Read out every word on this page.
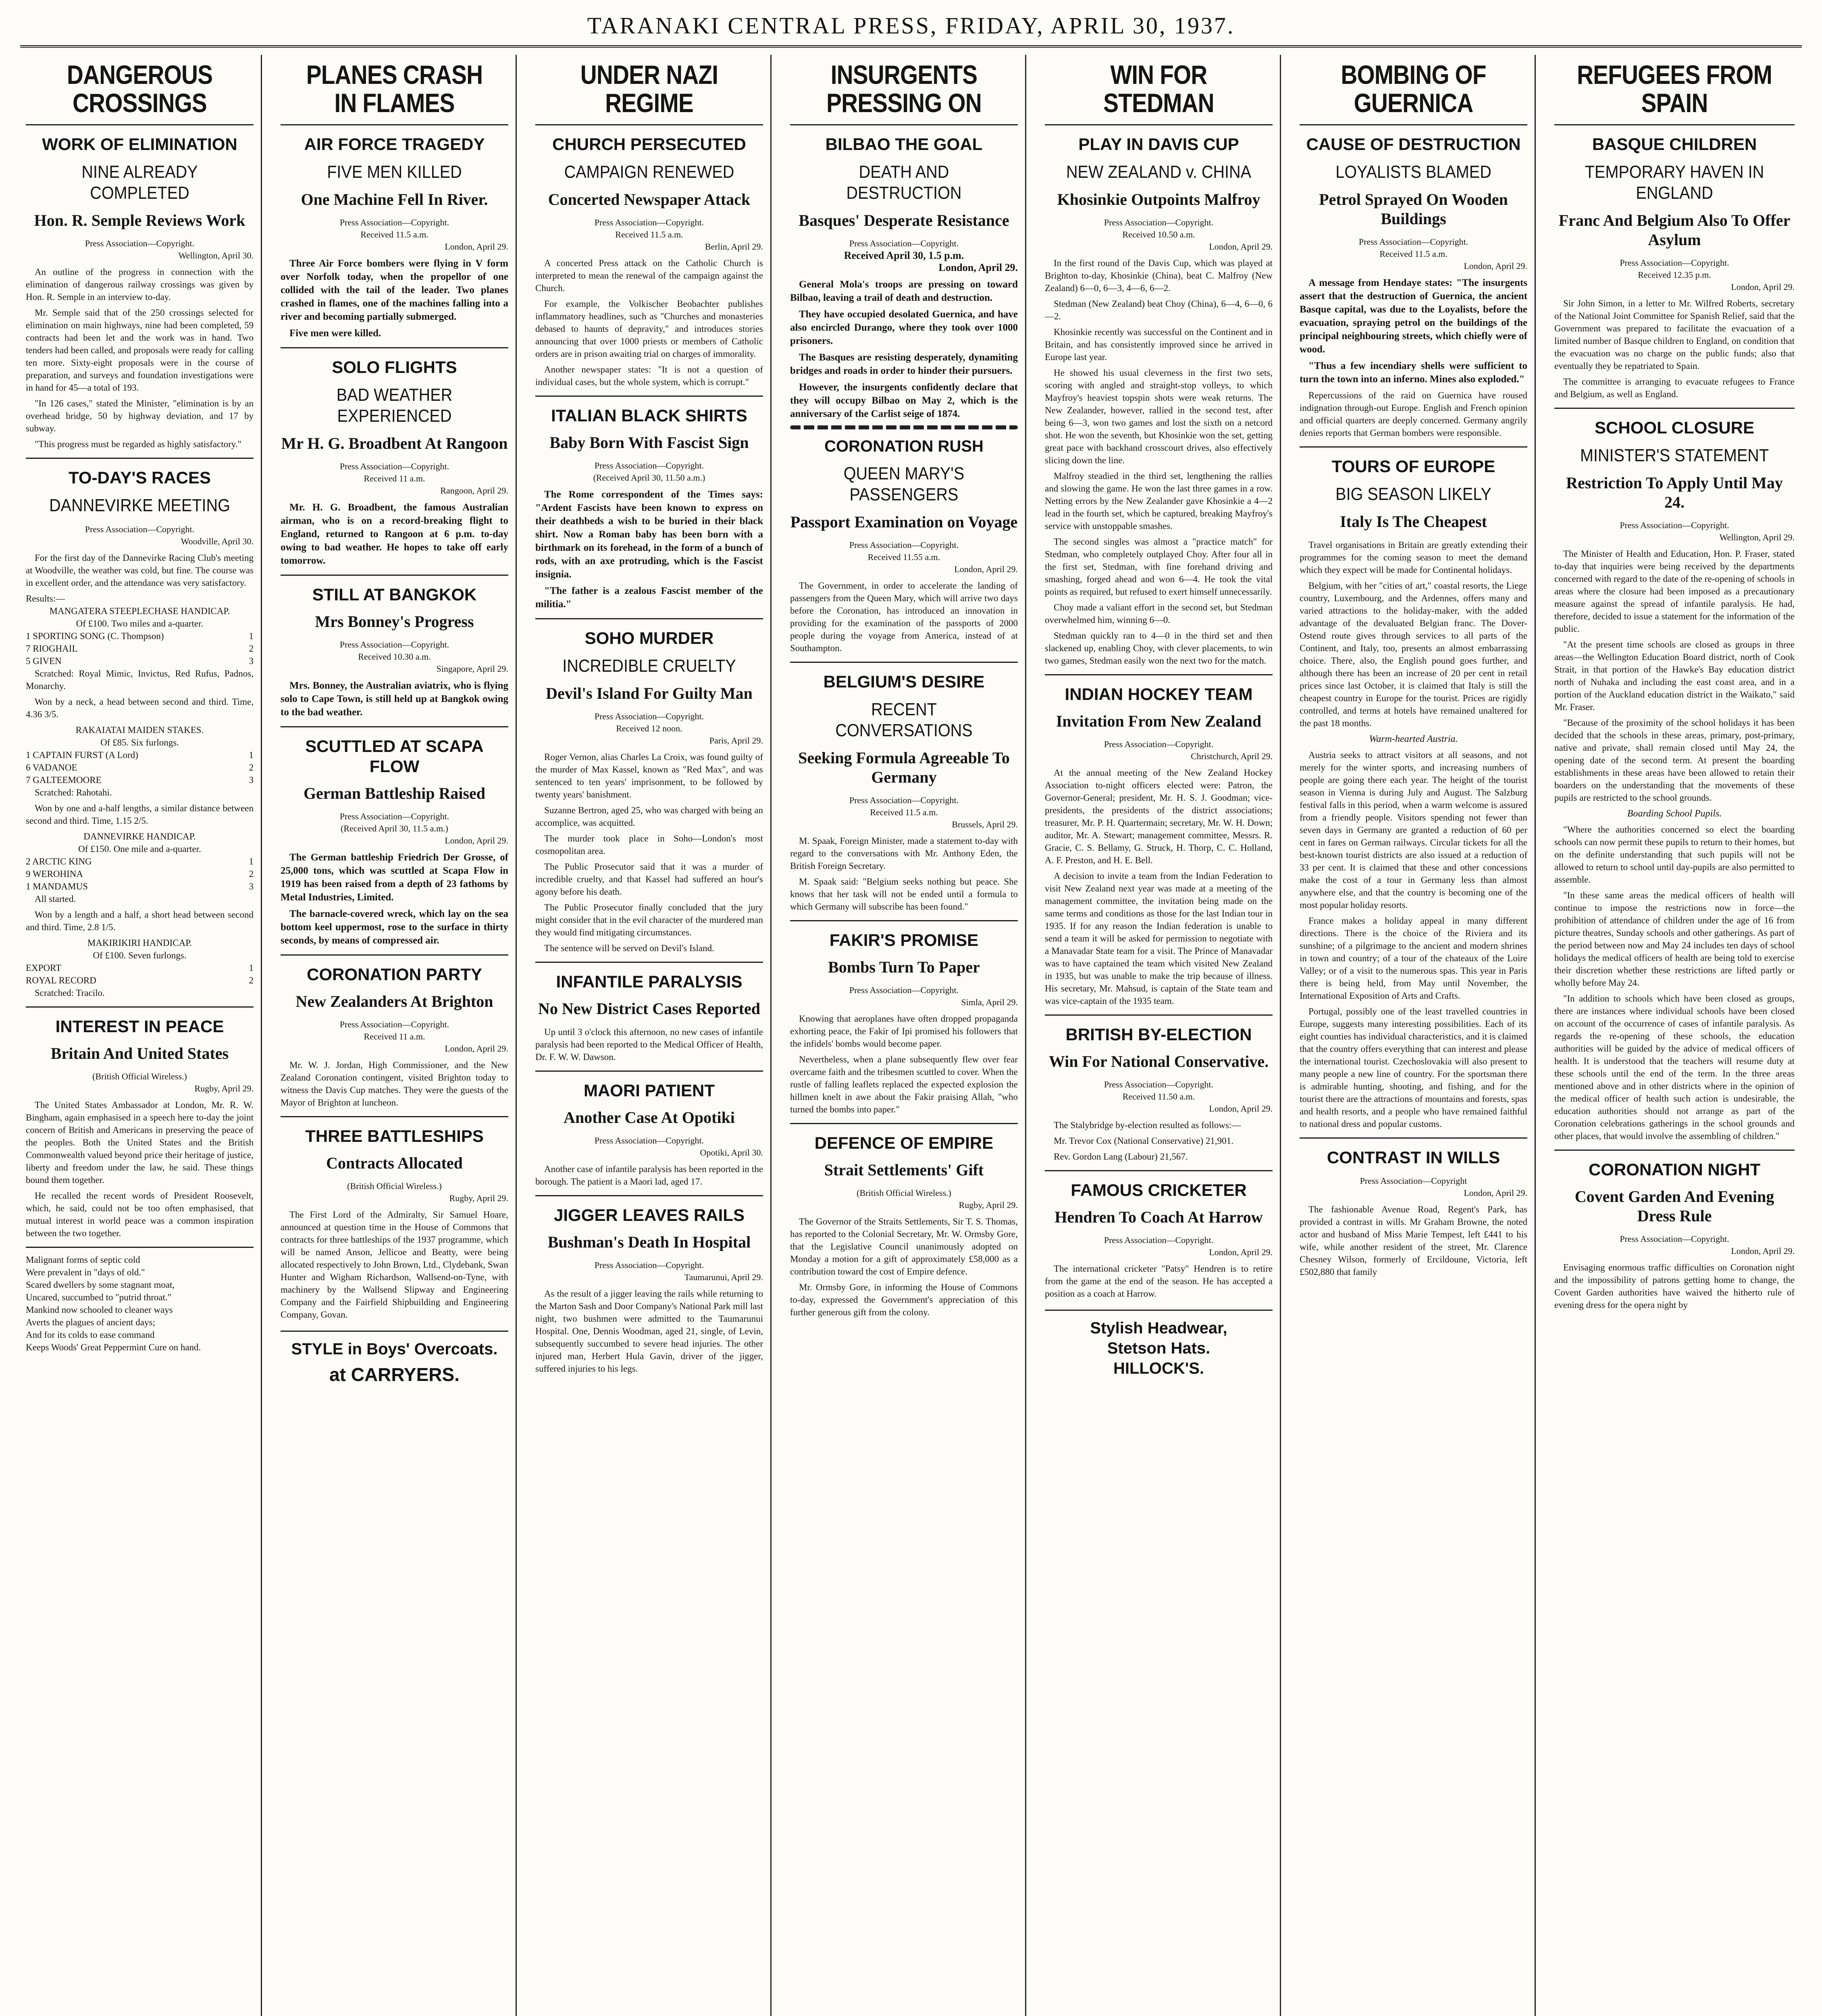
TARANAKI CENTRAL PRESS, FRIDAY, APRIL 30, 1937.
DANGEROUS CROSSINGS
WORK OF ELIMINATION
NINE ALREADY COMPLETED
Hon. R. Semple Reviews Work
Press Association—Copyright.
Wellington, April 30.

An outline of the progress in connection with the elimination of dangerous railway crossings was given by Hon. R. Semple in an interview to-day.

Mr. Semple said that of the 250 crossings selected for elimination on main highways, nine had been completed, 59 contracts had been let and the work was in hand. Two tenders had been called, and proposals were ready for calling ten more. Sixty-eight proposals were in the course of preparation, and surveys and foundation investigations were in hand for 45—a total of 193.

"In 126 cases," stated the Minister, "elimination is by an overhead bridge, 50 by highway deviation, and 17 by subway.

"This progress must be regarded as highly satisfactory."

TO-DAY'S RACES
DANNEVIRKE MEETING
Press Association—Copyright.
Woodville, April 30.

For the first day of the Dannevirke Racing Club's meeting at Woodville, the weather was cold, but fine. The course was in excellent order, and the attendance was very satisfactory.

Results:—
MANGATERA STEEPLECHASE HANDICAP.
Of £100. Two miles and a-quarter.
1 SPORTING SONG (C. Thompson)	1
7 RIOGHAIL	2
5 GIVEN	3

Scratched: Royal Mimic, Invictus, Red Rufus, Padnos, Monarchy.

Won by a neck, a head between second and third. Time, 4.36 3/5.

RAKAIATAI MAIDEN STAKES.
Of £85. Six furlongs.
1 CAPTAIN FURST (A Lord)	1
6 VADANOE	2
7 GALTEEMOORE	3

Scratched: Rahotahi.

Won by one and a-half lengths, a similar distance between second and third. Time, 1.15 2/5.

DANNEVIRKE HANDICAP.
Of £150. One mile and a-quarter.
2 ARCTIC KING	1
9 WEROHINA	2
1 MANDAMUS	3

All started.

Won by a length and a half, a short head between second and third. Time, 2.8 1/5.

MAKIRIKIRI HANDICAP.
Of £100. Seven furlongs.
EXPORT	1
ROYAL RECORD	2

Scratched: Tracilo.

INTEREST IN PEACE
Britain And United States
(British Official Wireless.)
Rugby, April 29.

The United States Ambassador at London, Mr. R. W. Bingham, again emphasised in a speech here to-day the joint concern of British and Americans in preserving the peace of the peoples. Both the United States and the British Commonwealth valued beyond price their heritage of justice, liberty and freedom under the law, he said. These things bound them together.

He recalled the recent words of President Roosevelt, which, he said, could not be too often emphasised, that mutual interest in world peace was a common inspiration between the two together.

Malignant forms of septic cold
Were prevalent in "days of old."
Scared dwellers by some stagnant moat,
Uncared, succumbed to "putrid throat."
Mankind now schooled to cleaner ways
Averts the plagues of ancient days;
And for its colds to ease command
Keeps Woods' Great Peppermint Cure on hand.
PLANES CRASH IN FLAMES
AIR FORCE TRAGEDY
FIVE MEN KILLED
One Machine Fell In River.
Press Association—Copyright.
Received 11.5 a.m.
London, April 29.

Three Air Force bombers were flying in V form over Norfolk today, when the propellor of one collided with the tail of the leader. Two planes crashed in flames, one of the machines falling into a river and becoming partially submerged.

Five men were killed.

SOLO FLIGHTS
BAD WEATHER EXPERIENCED
Mr H. G. Broadbent At Rangoon
Press Association—Copyright.
Received 11 a.m.
Rangoon, April 29.

Mr. H. G. Broadbent, the famous Australian airman, who is on a record-breaking flight to England, returned to Rangoon at 6 p.m. to-day owing to bad weather. He hopes to take off early tomorrow.

STILL AT BANGKOK
Mrs Bonney's Progress
Press Association—Copyright.
Received 10.30 a.m.
Singapore, April 29.

Mrs. Bonney, the Australian aviatrix, who is flying solo to Cape Town, is still held up at Bangkok owing to the bad weather.

SCUTTLED AT SCAPA FLOW
German Battleship Raised
Press Association—Copyright.
(Received April 30, 11.5 a.m.)
London, April 29.

The German battleship Friedrich Der Grosse, of 25,000 tons, which was scuttled at Scapa Flow in 1919 has been raised from a depth of 23 fathoms by Metal Industries, Limited.

The barnacle-covered wreck, which lay on the sea bottom keel uppermost, rose to the surface in thirty seconds, by means of compressed air.

CORONATION PARTY
New Zealanders At Brighton
Press Association—Copyright.
Received 11 a.m.
London, April 29.

Mr. W. J. Jordan, High Commissioner, and the New Zealand Coronation contingent, visited Brighton today to witness the Davis Cup matches. They were the guests of the Mayor of Brighton at luncheon.

THREE BATTLESHIPS
Contracts Allocated
(British Official Wireless.)
Rugby, April 29.

The First Lord of the Admiralty, Sir Samuel Hoare, announced at question time in the House of Commons that contracts for three battleships of the 1937 programme, which will be named Anson, Jellicoe and Beatty, were being allocated respectively to John Brown, Ltd., Clydebank, Swan Hunter and Wigham Richardson, Wallsend-on-Tyne, with machinery by the Wallsend Slipway and Engineering Company and the Fairfield Shipbuilding and Engineering Company, Govan.

STYLE in Boys' Overcoats.
at CARRYERS.
UNDER NAZI REGIME
CHURCH PERSECUTED
CAMPAIGN RENEWED
Concerted Newspaper Attack
Press Association—Copyright.
Received 11.5 a.m.
Berlin, April 29.

A concerted Press attack on the Catholic Church is interpreted to mean the renewal of the campaign against the Church.

For example, the Volkischer Beobachter publishes inflammatory headlines, such as "Churches and monasteries debased to haunts of depravity," and introduces stories announcing that over 1000 priests or members of Catholic orders are in prison awaiting trial on charges of immorality.

Another newspaper states: "It is not a question of individual cases, but the whole system, which is corrupt."

ITALIAN BLACK SHIRTS
Baby Born With Fascist Sign
Press Association—Copyright.
(Received April 30, 11.50 a.m.)

The Rome correspondent of the Times says: "Ardent Fascists have been known to express on their deathbeds a wish to be buried in their black shirt. Now a Roman baby has been born with a birthmark on its forehead, in the form of a bunch of rods, with an axe protruding, which is the Fascist insignia.

"The father is a zealous Fascist member of the militia."

SOHO MURDER
INCREDIBLE CRUELTY
Devil's Island For Guilty Man
Press Association—Copyright.
Received 12 noon.
Paris, April 29.

Roger Vernon, alias Charles La Croix, was found guilty of the murder of Max Kassel, known as "Red Max", and was sentenced to ten years' imprisonment, to be followed by twenty years' banishment.

Suzanne Bertron, aged 25, who was charged with being an accomplice, was acquitted.

The murder took place in Soho—London's most cosmopolitan area.

The Public Prosecutor said that it was a murder of incredible cruelty, and that Kassel had suffered an hour's agony before his death.

The Public Prosecutor finally concluded that the jury might consider that in the evil character of the murdered man they would find mitigating circumstances.

The sentence will be served on Devil's Island.

INFANTILE PARALYSIS
No New District Cases Reported

Up until 3 o'clock this afternoon, no new cases of infantile paralysis had been reported to the Medical Officer of Health, Dr. F. W. W. Dawson.

MAORI PATIENT
Another Case At Opotiki
Press Association—Copyright.
Opotiki, April 30.

Another case of infantile paralysis has been reported in the borough. The patient is a Maori lad, aged 17.

JIGGER LEAVES RAILS
Bushman's Death In Hospital
Press Association—Copyright.
Taumarunui, April 29.

As the result of a jigger leaving the rails while returning to the Marton Sash and Door Company's National Park mill last night, two bushmen were admitted to the Taumarunui Hospital. One, Dennis Woodman, aged 21, single, of Levin, subsequently succumbed to severe head injuries. The other injured man, Herbert Hula Gavin, driver of the jigger, suffered injuries to his legs.

INSURGENTS PRESSING ON
BILBAO THE GOAL
DEATH AND DESTRUCTION
Basques' Desperate Resistance
Press Association—Copyright.
Received April 30, 1.5 p.m.
London, April 29.

General Mola's troops are pressing on toward Bilbao, leaving a trail of death and destruction.

They have occupied desolated Guernica, and have also encircled Durango, where they took over 1000 prisoners.

The Basques are resisting desperately, dynamiting bridges and roads in order to hinder their pursuers.

However, the insurgents confidently declare that they will occupy Bilbao on May 2, which is the anniversary of the Carlist seige of 1874.

CORONATION RUSH
QUEEN MARY'S PASSENGERS
Passport Examination on Voyage
Press Association—Copyright.
Received 11.55 a.m.
London, April 29.

The Government, in order to accelerate the landing of passengers from the Queen Mary, which will arrive two days before the Coronation, has introduced an innovation in providing for the examination of the passports of 2000 people during the voyage from America, instead of at Southampton.

BELGIUM'S DESIRE
RECENT CONVERSATIONS
Seeking Formula Agreeable To Germany
Press Association—Copyright.
Received 11.5 a.m.
Brussels, April 29.

M. Spaak, Foreign Minister, made a statement to-day with regard to the conversations with Mr. Anthony Eden, the British Foreign Secretary.

M. Spaak said: "Belgium seeks nothing but peace. She knows that her task will not be ended until a formula to which Germany will subscribe has been found."

FAKIR'S PROMISE
Bombs Turn To Paper
Press Association—Copyright.
Simla, April 29.

Knowing that aeroplanes have often dropped propaganda exhorting peace, the Fakir of Ipi promised his followers that the infidels' bombs would become paper.

Nevertheless, when a plane subsequently flew over fear overcame faith and the tribesmen scuttled to cover. When the rustle of falling leaflets replaced the expected explosion the hillmen knelt in awe about the Fakir praising Allah, "who turned the bombs into paper."

DEFENCE OF EMPIRE
Strait Settlements' Gift
(British Official Wireless.)
Rugby, April 29.

The Governor of the Straits Settlements, Sir T. S. Thomas, has reported to the Colonial Secretary, Mr. W. Ormsby Gore, that the Legislative Council unanimously adopted on Monday a motion for a gift of approximately £58,000 as a contribution toward the cost of Empire defence.

Mr. Ormsby Gore, in informing the House of Commons to-day, expressed the Government's appreciation of this further generous gift from the colony.

WIN FOR STEDMAN
PLAY IN DAVIS CUP
NEW ZEALAND v. CHINA
Khosinkie Outpoints Malfroy
Press Association—Copyright.
Received 10.50 a.m.
London, April 29.

In the first round of the Davis Cup, which was played at Brighton to-day, Khosinkie (China), beat C. Malfroy (New Zealand) 6—0, 6—3, 4—6, 6—2.

Stedman (New Zealand) beat Choy (China), 6—4, 6—0, 6—2.

Khosinkie recently was successful on the Continent and in Britain, and has consistently improved since he arrived in Europe last year.

He showed his usual cleverness in the first two sets, scoring with angled and straight-stop volleys, to which Mayfroy's heaviest topspin shots were weak returns. The New Zealander, however, rallied in the second test, after being 6—3, won two games and lost the sixth on a netcord shot. He won the seventh, but Khosinkie won the set, getting great pace with backhand crosscourt drives, also effectively slicing down the line.

Malfroy steadied in the third set, lengthening the rallies and slowing the game. He won the last three games in a row. Netting errors by the New Zealander gave Khosinkie a 4—2 lead in the fourth set, which he captured, breaking Mayfroy's service with unstoppable smashes.

The second singles was almost a "practice match" for Stedman, who completely outplayed Choy. After four all in the first set, Stedman, with fine forehand driving and smashing, forged ahead and won 6—4. He took the vital points as required, but refused to exert himself unnecessarily.

Choy made a valiant effort in the second set, but Stedman overwhelmed him, winning 6—0.

Stedman quickly ran to 4—0 in the third set and then slackened up, enabling Choy, with clever placements, to win two games, Stedman easily won the next two for the match.

INDIAN HOCKEY TEAM
Invitation From New Zealand
Press Association—Copyright.
Christchurch, April 29.

At the annual meeting of the New Zealand Hockey Association to-night officers elected were: Patron, the Governor-General; president, Mr. H. S. J. Goodman; vice-presidents, the presidents of the district associations; treasurer, Mr. P. H. Quartermain; secretary, Mr. W. H. Down; auditor, Mr. A. Stewart; management committee, Messrs. R. Gracie, C. S. Bellamy, G. Struck, H. Thorp, C. C. Holland, A. F. Preston, and H. E. Bell.

A decision to invite a team from the Indian Federation to visit New Zealand next year was made at a meeting of the management committee, the invitation being made on the same terms and conditions as those for the last Indian tour in 1935. If for any reason the Indian federation is unable to send a team it will be asked for permission to negotiate with a Manavadar State team for a visit. The Prince of Manavadar was to have captained the team which visited New Zealand in 1935, but was unable to make the trip because of illness. His secretary, Mr. Mahsud, is captain of the State team and was vice-captain of the 1935 team.

BRITISH BY-ELECTION
Win For National Conservative.
Press Association—Copyright.
Received 11.50 a.m.
London, April 29.

The Stalybridge by-election resulted as follows:—

Mr. Trevor Cox (National Conservative) 21,901.

Rev. Gordon Lang (Labour) 21,567.

FAMOUS CRICKETER
Hendren To Coach At Harrow
Press Association—Copyright.
London, April 29.

The international cricketer "Patsy" Hendren is to retire from the game at the end of the season. He has accepted a position as a coach at Harrow.

Stylish Headwear,
Stetson Hats.
HILLOCK'S.
BOMBING OF GUERNICA
CAUSE OF DESTRUCTION
LOYALISTS BLAMED
Petrol Sprayed On Wooden Buildings
Press Association—Copyright.
Received 11.5 a.m.
London, April 29.

A message from Hendaye states: "The insurgents assert that the destruction of Guernica, the ancient Basque capital, was due to the Loyalists, before the evacuation, spraying petrol on the buildings of the principal neighbouring streets, which chiefly were of wood.

"Thus a few incendiary shells were sufficient to turn the town into an inferno. Mines also exploded."

Repercussions of the raid on Guernica have roused indignation through-out Europe. English and French opinion and official quarters are deeply concerned. Germany angrily denies reports that German bombers were responsible.

TOURS OF EUROPE
BIG SEASON LIKELY
Italy Is The Cheapest

Travel organisations in Britain are greatly extending their programmes for the coming season to meet the demand which they expect will be made for Continental holidays.

Belgium, with her "cities of art," coastal resorts, the Liege country, Luxembourg, and the Ardennes, offers many and varied attractions to the holiday-maker, with the added advantage of the devaluated Belgian franc. The Dover-Ostend route gives through services to all parts of the Continent, and Italy, too, presents an almost embarrassing choice. There, also, the English pound goes further, and although there has been an increase of 20 per cent in retail prices since last October, it is claimed that Italy is still the cheapest country in Europe for the tourist. Prices are rigidly controlled, and terms at hotels have remained unaltered for the past 18 months.

Warm-hearted Austria.

Austria seeks to attract visitors at all seasons, and not merely for the winter sports, and increasing numbers of people are going there each year. The height of the tourist season in Vienna is during July and August. The Salzburg festival falls in this period, when a warm welcome is assured from a friendly people. Visitors spending not fewer than seven days in Germany are granted a reduction of 60 per cent in fares on German railways. Circular tickets for all the best-known tourist districts are also issued at a reduction of 33 per cent. It is claimed that these and other concessions make the cost of a tour in Germany less than almost anywhere else, and that the country is becoming one of the most popular holiday resorts.

France makes a holiday appeal in many different directions. There is the choice of the Riviera and its sunshine; of a pilgrimage to the ancient and modern shrines in town and country; of a tour of the chateaux of the Loire Valley; or of a visit to the numerous spas. This year in Paris there is being held, from May until November, the International Exposition of Arts and Crafts.

Portugal, possibly one of the least travelled countries in Europe, suggests many interesting possibilities. Each of its eight counties has individual characteristics, and it is claimed that the country offers everything that can interest and please the international tourist. Czechoslovakia will also present to many people a new line of country. For the sportsman there is admirable hunting, shooting, and fishing, and for the tourist there are the attractions of mountains and forests, spas and health resorts, and a people who have remained faithful to national dress and popular customs.

CONTRAST IN WILLS
Press Association—Copyright
London, April 29.

The fashionable Avenue Road, Regent's Park, has provided a contrast in wills. Mr Graham Browne, the noted actor and husband of Miss Marie Tempest, left £441 to his wife, while another resident of the street, Mr. Clarence Chesney Wilson, formerly of Ercildoune, Victoria, left £502,880 that family

REFUGEES FROM SPAIN
BASQUE CHILDREN
TEMPORARY HAVEN IN ENGLAND
Franc And Belgium Also To Offer Asylum
Press Association—Copyright.
Received 12.35 p.m.
London, April 29.

Sir John Simon, in a letter to Mr. Wilfred Roberts, secretary of the National Joint Committee for Spanish Relief, said that the Government was prepared to facilitate the evacuation of a limited number of Basque children to England, on condition that the evacuation was no charge on the public funds; also that eventually they be repatriated to Spain.

The committee is arranging to evacuate refugees to France and Belgium, as well as England.

SCHOOL CLOSURE
MINISTER'S STATEMENT
Restriction To Apply Until May 24.
Press Association—Copyright.
Wellington, April 29.

The Minister of Health and Education, Hon. P. Fraser, stated to-day that inquiries were being received by the departments concerned with regard to the date of the re-opening of schools in areas where the closure had been imposed as a precautionary measure against the spread of infantile paralysis. He had, therefore, decided to issue a statement for the information of the public.

"At the present time schools are closed as groups in three areas—the Wellington Education Board district, north of Cook Strait, in that portion of the Hawke's Bay education district north of Nuhaka and including the east coast area, and in a portion of the Auckland education district in the Waikato," said Mr. Fraser.

"Because of the proximity of the school holidays it has been decided that the schools in these areas, primary, post-primary, native and private, shall remain closed until May 24, the opening date of the second term. At present the boarding establishments in these areas have been allowed to retain their boarders on the understanding that the movements of these pupils are restricted to the school grounds.

Boarding School Pupils.

"Where the authorities concerned so elect the boarding schools can now permit these pupils to return to their homes, but on the definite understanding that such pupils will not be allowed to return to school until day-pupils are also permitted to assemble.

"In these same areas the medical officers of health will continue to impose the restrictions now in force—the prohibition of attendance of children under the age of 16 from picture theatres, Sunday schools and other gatherings. As part of the period between now and May 24 includes ten days of school holidays the medical officers of health are being told to exercise their discretion whether these restrictions are lifted partly or wholly before May 24.

"In addition to schools which have been closed as groups, there are instances where individual schools have been closed on account of the occurrence of cases of infantile paralysis. As regards the re-opening of these schools, the education authorities will be guided by the advice of medical officers of health. It is understood that the teachers will resume duty at these schools until the end of the term. In the three areas mentioned above and in other districts where in the opinion of the medical officer of health such action is undesirable, the education authorities should not arrange as part of the Coronation celebrations gatherings in the school grounds and other places, that would involve the assembling of children."

CORONATION NIGHT
Covent Garden And Evening Dress Rule
Press Association—Copyright.
London, April 29.

Envisaging enormous traffic difficulties on Coronation night and the impossibility of patrons getting home to change, the Covent Garden authorities have waived the hitherto rule of evening dress for the opera night by
